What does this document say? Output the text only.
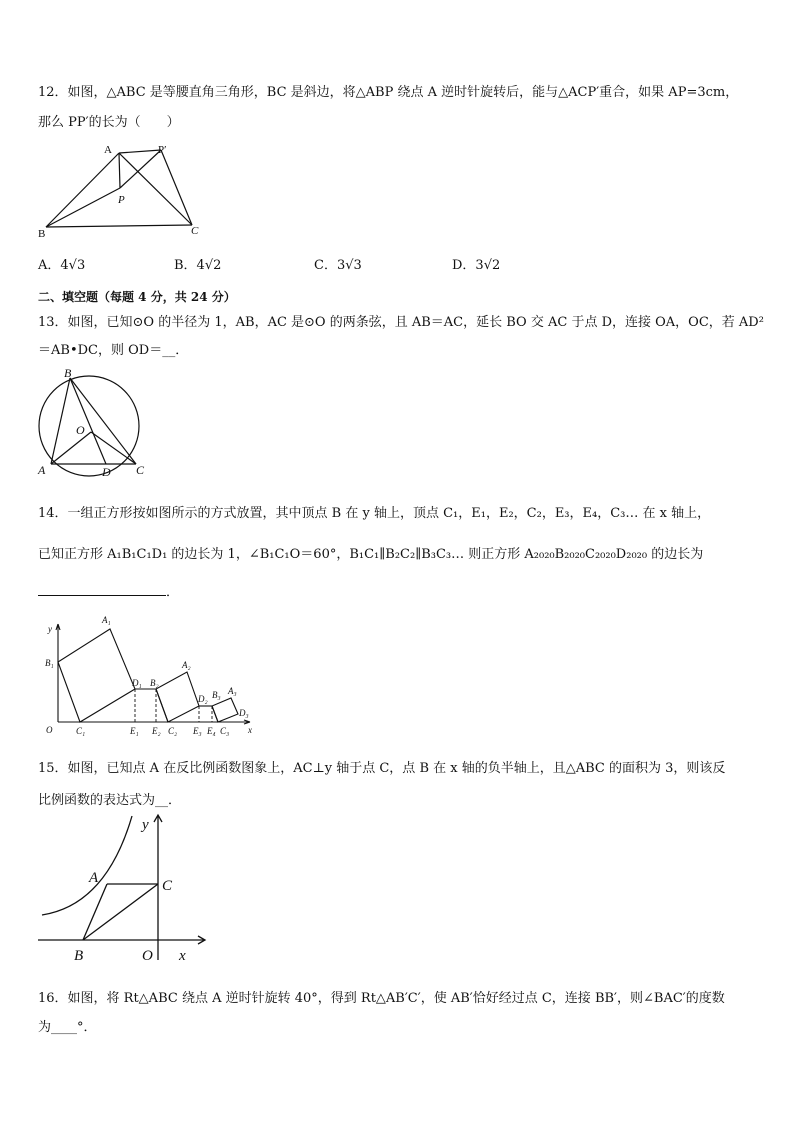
12．如图，△ABC 是等腰直角三角形，BC 是斜边，将△ABP 绕点 A 逆时针旋转后，能与△ACP′重合，如果 AP=3cm，
那么 PP′的长为（　　）
A	P′
P
B	C
A．4√3	B．4√2	C．3√3	D．3√2
二、填空题（每题 4 分，共 24 分）
13．如图，已知⊙O 的半径为 1，AB，AC 是⊙O 的两条弦，且 AB＝AC，延长 BO 交 AC 于点 D，连接 OA，OC，若 AD²
＝AB•DC，则 OD＝__．
B
O
A	D C
14．一组正方形按如图所示的方式放置，其中顶点 B 在 y 轴上，顶点 C₁，E₁，E₂，C₂，E₃，E₄，C₃… 在 x 轴上，
已知正方形 A₁B₁C₁D₁ 的边长为 1，∠B₁C₁O＝60°，B₁C₁∥B₂C₂∥B₃C₃… 则正方形 A₂₀₂₀B₂₀₂₀C₂₀₂₀D₂₀₂₀ 的边长为
．
y
x
O
A₁
B₁
C₁
D₁
E₁
A₂
B₂
E₂ C₂
D₂
E₃
B₃
E₄ C₃
A₃
D₃
15．如图，已知点 A 在反比例函数图象上，AC⊥y 轴于点 C，点 B 在 x 轴的负半轴上，且△ABC 的面积为 3，则该反
比例函数的表达式为__．
y
A	C
B	O x
16．如图，将 Rt△ABC 绕点 A 逆时针旋转 40°，得到 Rt△AB′C′，使 AB′恰好经过点 C，连接 BB′，则∠BAC′的度数
为____°．
